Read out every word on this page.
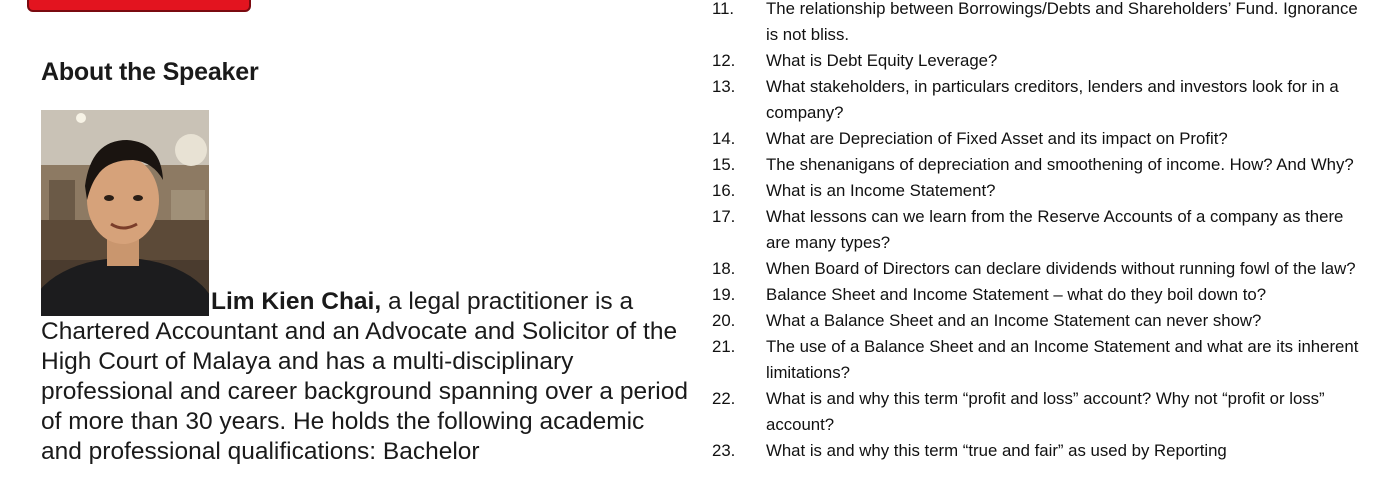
About the Speaker

Lim Kien Chai, a legal practitioner is a Chartered Accountant and an Advocate and Solicitor of the High Court of Malaya and has a multi-disciplinary professional and career background spanning over a period of more than 30 years. He holds the following academic and professional qualifications: Bachelor

11.	The relationship between Borrowings/Debts and Shareholders’ Fund. Ignorance is not bliss.
12.	What is Debt Equity Leverage?
13.	What stakeholders, in particulars creditors, lenders and investors look for in a company?
14.	What are Depreciation of Fixed Asset and its impact on Profit?
15.	The shenanigans of depreciation and smoothening of income. How? And Why?
16.	What is an Income Statement?
17.	What lessons can we learn from the Reserve Accounts of a company as there are many types?
18.	When Board of Directors can declare dividends without running fowl of the law?
19.	Balance Sheet and Income Statement – what do they boil down to?
20.	What a Balance Sheet and an Income Statement can never show?
21.	The use of a Balance Sheet and an Income Statement and what are its inherent limitations?
22.	What is and why this term “profit and loss” account? Why not “profit or loss” account?
23.	What is and why this term “true and fair” as used by Reporting
